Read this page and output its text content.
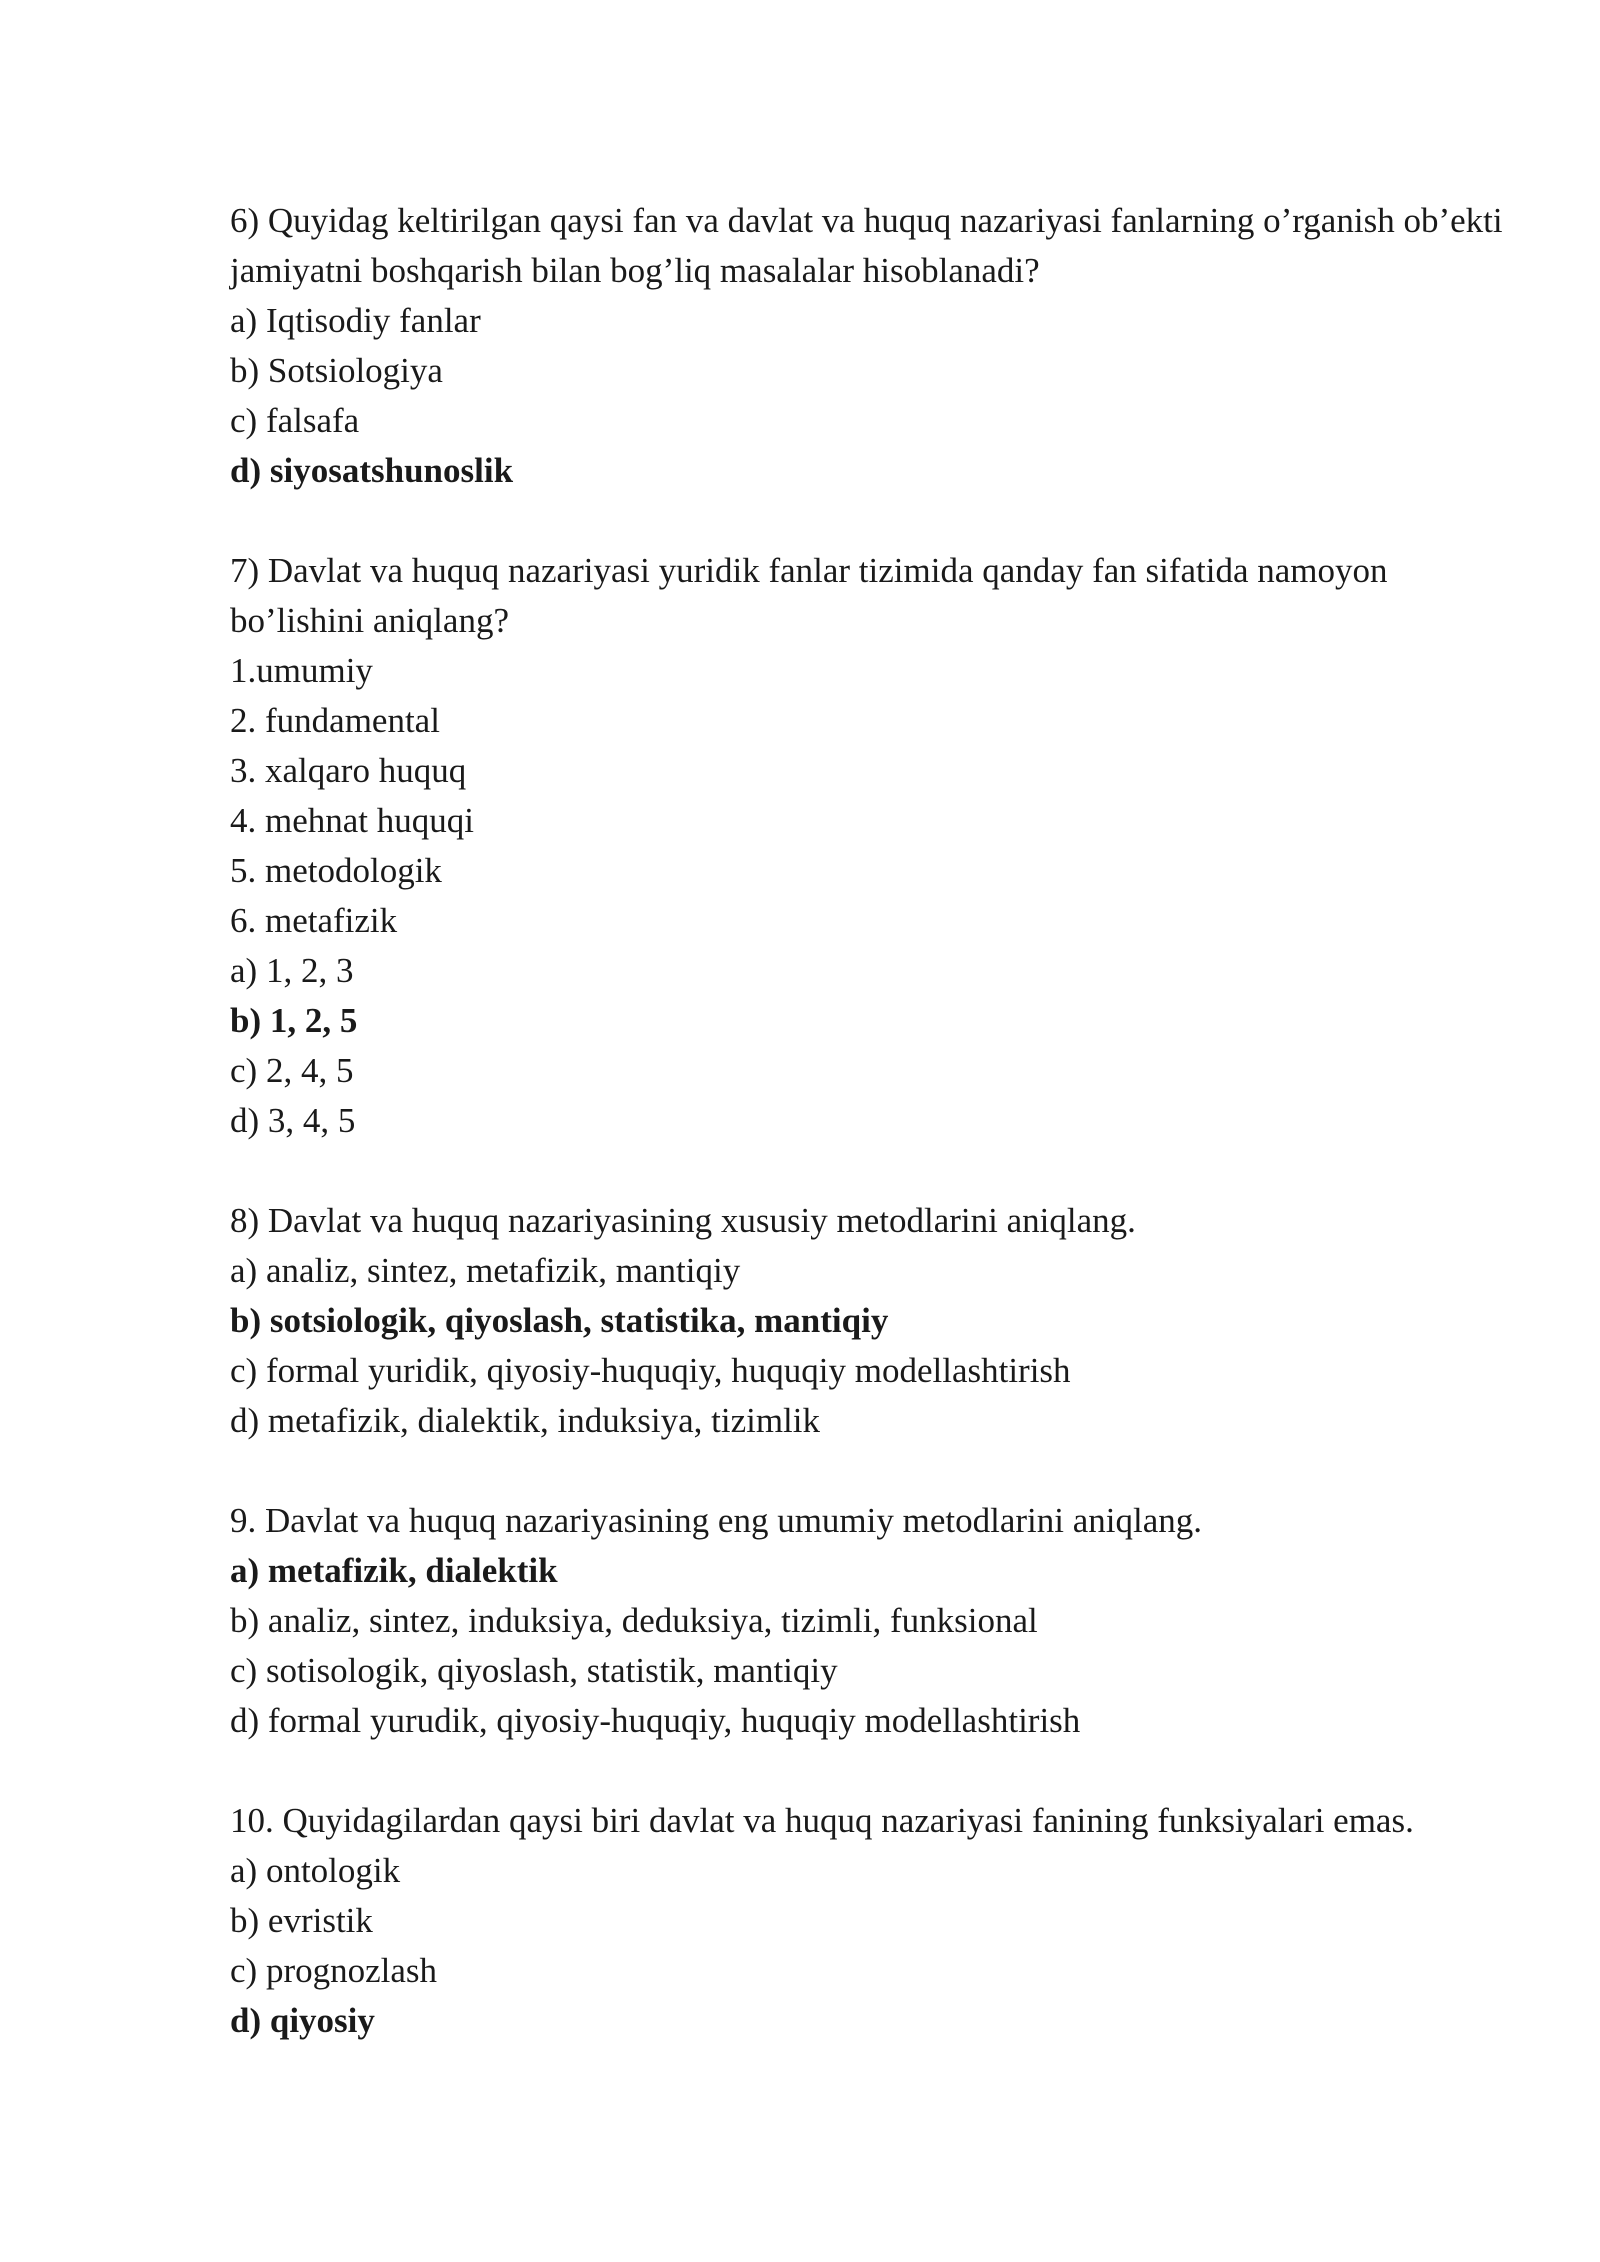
6) Quyidag keltirilgan qaysi fan va davlat va huquq nazariyasi fanlarning o’rganish ob’ekti jamiyatni boshqarish bilan bog’liq masalalar hisoblanadi?
a) Iqtisodiy fanlar
b) Sotsiologiya
c) falsafa
d) siyosatshunoslik
7) Davlat va huquq nazariyasi yuridik fanlar tizimida qanday fan sifatida namoyon bo’lishini aniqlang?
1.umumiy
2. fundamental
3. xalqaro huquq
4. mehnat huquqi
5. metodologik
6. metafizik
a) 1, 2, 3
b) 1, 2, 5
c) 2, 4, 5
d) 3, 4, 5
8) Davlat va huquq nazariyasining xususiy metodlarini aniqlang.
a) analiz, sintez, metafizik, mantiqiy
b) sotsiologik, qiyoslash, statistika, mantiqiy
c) formal yuridik, qiyosiy-huquqiy, huquqiy modellashtirish
d) metafizik, dialektik, induksiya, tizimlik
9. Davlat va huquq nazariyasining eng umumiy metodlarini aniqlang.
a) metafizik, dialektik
b) analiz, sintez, induksiya, deduksiya, tizimli, funksional
c) sotisologik, qiyoslash, statistik, mantiqiy
d) formal yurudik, qiyosiy-huquqiy, huquqiy modellashtirish
10. Quyidagilardan qaysi biri davlat va huquq nazariyasi fanining funksiyalari emas.
a) ontologik
b) evristik
c) prognozlash
d) qiyosiy
